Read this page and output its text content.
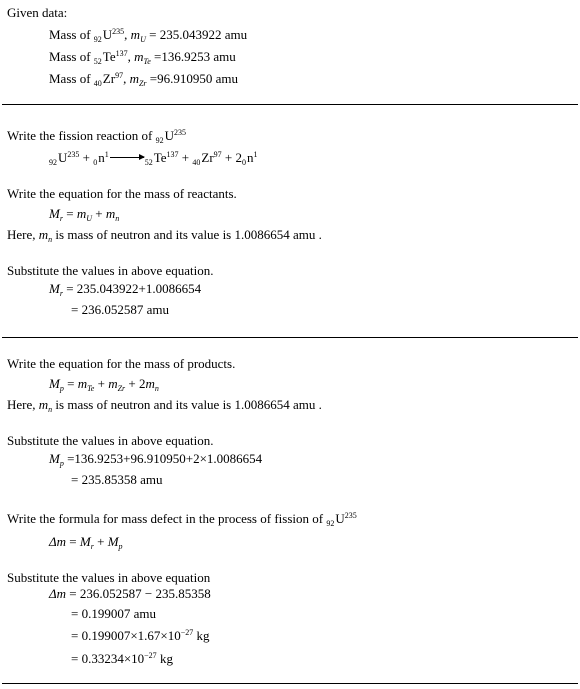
Given data:
Mass of $_{92}U^{235}$, $m_U = 235.043922$ amu
Mass of $_{52}Te^{137}$, $m_{Te} =136.9253$ amu
Mass of $_{40}Zr^{97}$, $m_{Zr} =96.910950$ amu
Write the fission reaction of $_{92}U^{235}$
$_{92}U^{235} + _0n^1\to_{52}Te^{137} + _{40}Zr^{97} + 2_0n^1$
Write the equation for the mass of reactants.
$M_r = m_U + m_n$
Here, $m_n$ is mass of neutron and its value is 1.0086654 amu .
Substitute the values in above equation.
$M_r = 235.043922+1.0086654$
= 236.052587 amu
Write the equation for the mass of products.
$M_p = m_{Te} + m_{Zr} + 2m_n$
Here, $m_n$ is mass of neutron and its value is 1.0086654 amu .
Substitute the values in above equation.
$M_p =136.9253+96.910950+2\times 1.0086654$
= 235.85358 amu
Write the formula for mass defect in the process of fission of $_{92}U^{235}$
$\Delta m = M_r + M_p$
Substitute the values in above equation
Δm = 236.052587 − 235.85358
= 0.199007 amu
= $0.199007\times 1.67\times 10^{-27}$ kg
= $0.33234\times 10^{-27}$ kg
